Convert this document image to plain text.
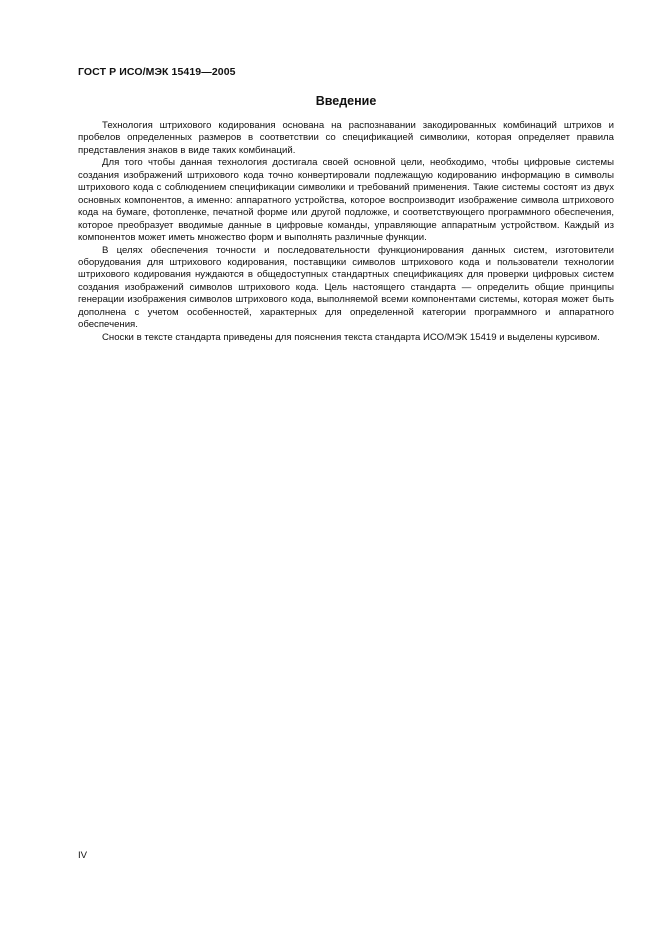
ГОСТ Р ИСО/МЭК 15419—2005
Введение

Технология штрихового кодирования основана на распознавании закодированных комбинаций штрихов и пробелов определенных размеров в соответствии со спецификацией символики, которая определяет правила представления знаков в виде таких комбинаций.

Для того чтобы данная технология достигала своей основной цели, необходимо, чтобы цифровые системы создания изображений штрихового кода точно конвертировали подлежащую кодированию информацию в символы штрихового кода с соблюдением спецификации символики и требований применения. Такие системы состоят из двух основных компонентов, а именно: аппаратного устройства, которое воспроизводит изображение символа штрихового кода на бумаге, фотопленке, печатной форме или другой подложке, и соответствующего программного обеспечения, которое преобразует вводимые данные в цифровые команды, управляющие аппаратным устройством. Каждый из компонентов может иметь множество форм и выполнять различные функции.

В целях обеспечения точности и последовательности функционирования данных систем, изготовители оборудования для штрихового кодирования, поставщики символов штрихового кода и пользователи технологии штрихового кодирования нуждаются в общедоступных стандартных спецификациях для проверки цифровых систем создания изображений символов штрихового кода. Цель настоящего стандарта — определить общие принципы генерации изображения символов штрихового кода, выполняемой всеми компонентами системы, которая может быть дополнена с учетом особенностей, характерных для определенной категории программного и аппаратного обеспечения.

Сноски в тексте стандарта приведены для пояснения текста стандарта ИСО/МЭК 15419 и выделены курсивом.

IV
